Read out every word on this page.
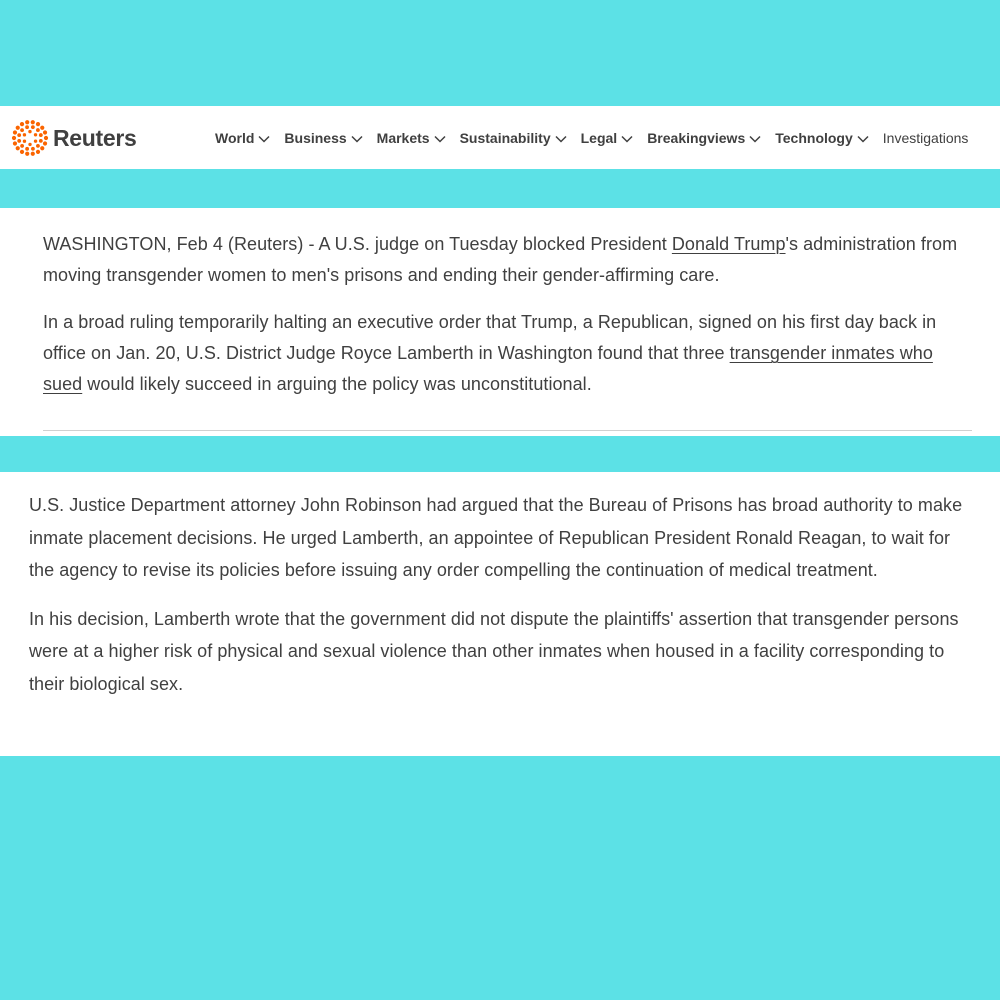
Reuters	World Business Markets Sustainability Legal Breakingviews Technology Investigations

WASHINGTON, Feb 4 (Reuters) - A U.S. judge on Tuesday blocked President Donald Trump's administration from moving transgender women to men's prisons and ending their gender-affirming care.

In a broad ruling temporarily halting an executive order that Trump, a Republican, signed on his first day back in office on Jan. 20, U.S. District Judge Royce Lamberth in Washington found that three transgender inmates who sued would likely succeed in arguing the policy was unconstitutional.

U.S. Justice Department attorney John Robinson had argued that the Bureau of Prisons has broad authority to make inmate placement decisions. He urged Lamberth, an appointee of Republican President Ronald Reagan, to wait for the agency to revise its policies before issuing any order compelling the continuation of medical treatment.

In his decision, Lamberth wrote that the government did not dispute the plaintiffs' assertion that transgender persons were at a higher risk of physical and sexual violence than other inmates when housed in a facility corresponding to their biological sex.
